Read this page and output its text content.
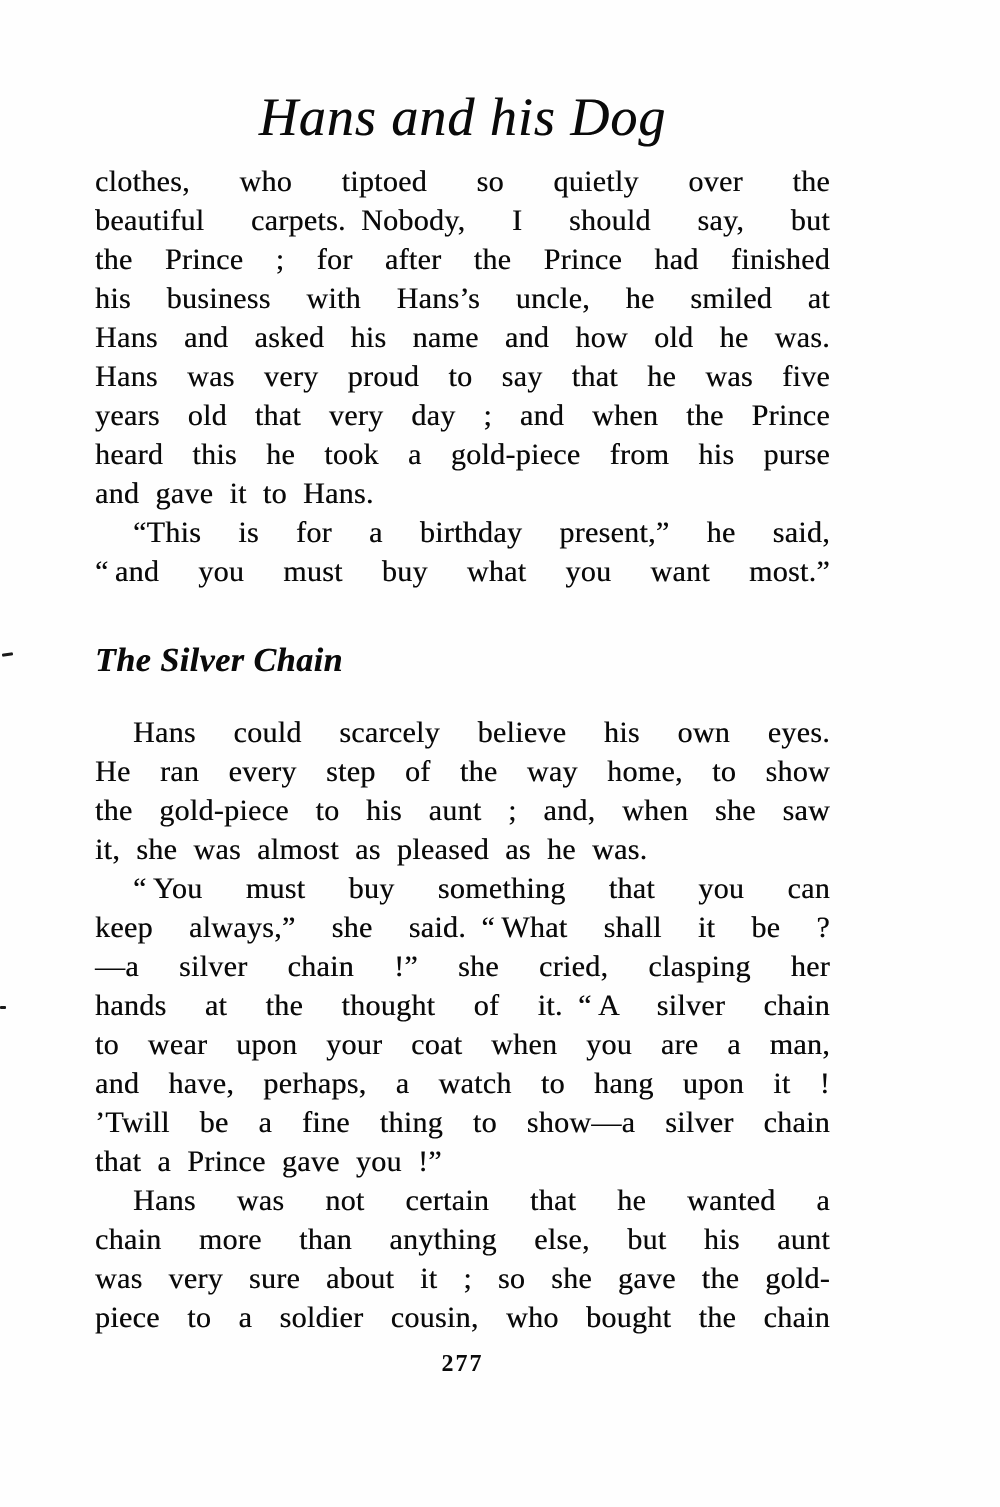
Hans and his Dog
clothes, who tiptoed so quietly over the
beautiful carpets. Nobody, I should say, but
the Prince ; for after the Prince had finished
his business with Hans’s uncle, he smiled at
Hans and asked his name and how old he was.
Hans was very proud to say that he was five
years old that very day ; and when the Prince
heard this he took a gold-piece from his purse
and gave it to Hans.
“This is for a birthday present,” he said,
“ and you must buy what you want most.”
The Silver Chain
Hans could scarcely believe his own eyes.
He ran every step of the way home, to show
the gold-piece to his aunt ; and, when she saw
it, she was almost as pleased as he was.
“ You must buy something that you can
keep always,” she said. “ What shall it be ?
—a silver chain !” she cried, clasping her
hands at the thought of it. “ A silver chain
to wear upon your coat when you are a man,
and have, perhaps, a watch to hang upon it !
’Twill be a fine thing to show—a silver chain
that a Prince gave you !”
Hans was not certain that he wanted a
chain more than anything else, but his aunt
was very sure about it ; so she gave the gold-
piece to a soldier cousin, who bought the chain
277
